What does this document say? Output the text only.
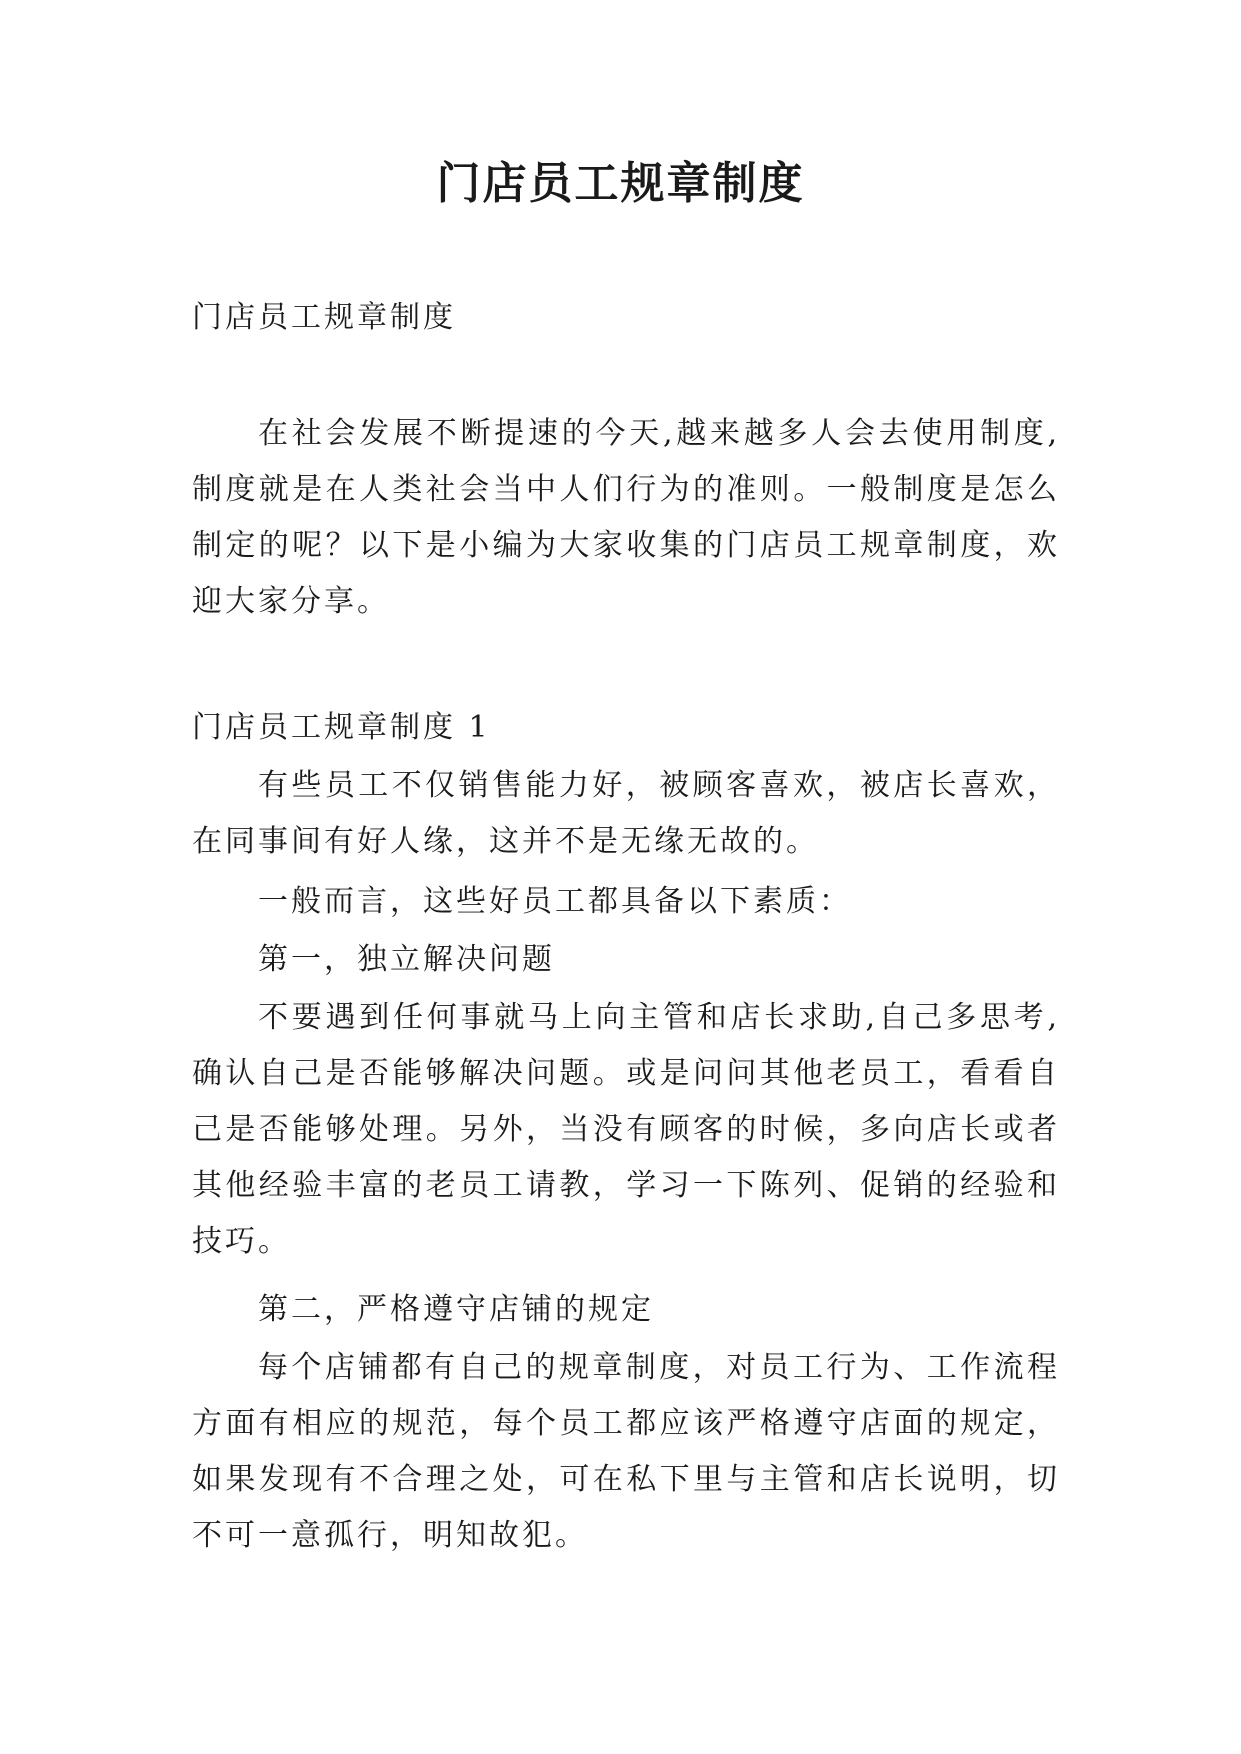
门店员工规章制度

门店员工规章制度

在社会发展不断提速的今天,越来越多人会去使用制度,制度就是在人类社会当中人们行为的准则。一般制度是怎么制定的呢？以下是小编为大家收集的门店员工规章制度，欢迎大家分享。

门店员工规章制度 1

有些员工不仅销售能力好，被顾客喜欢，被店长喜欢，在同事间有好人缘，这并不是无缘无故的。

一般而言，这些好员工都具备以下素质：

第一，独立解决问题

不要遇到任何事就马上向主管和店长求助,自己多思考,确认自己是否能够解决问题。或是问问其他老员工，看看自己是否能够处理。另外，当没有顾客的时候，多向店长或者其他经验丰富的老员工请教，学习一下陈列、促销的经验和技巧。

第二，严格遵守店铺的规定

每个店铺都有自己的规章制度，对员工行为、工作流程方面有相应的规范，每个员工都应该严格遵守店面的规定，如果发现有不合理之处，可在私下里与主管和店长说明，切不可一意孤行，明知故犯。
